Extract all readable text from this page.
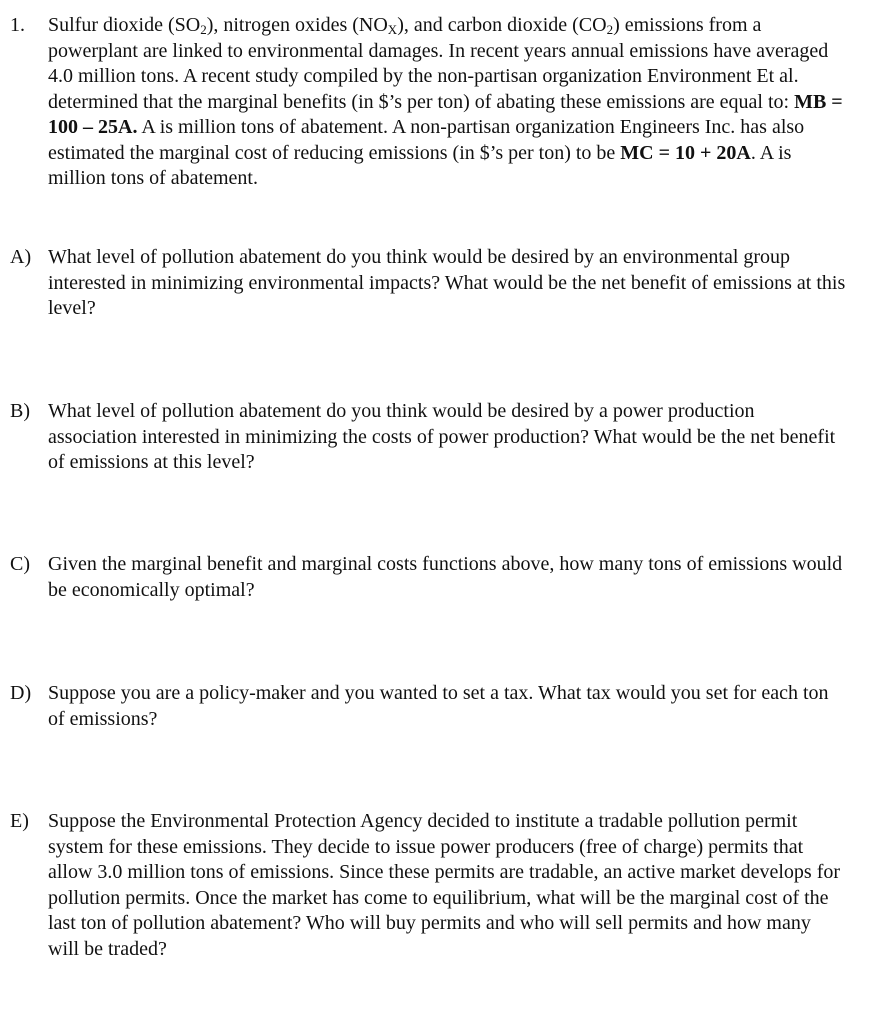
1.	Sulfur dioxide $(SO_2)$, nitrogen oxides $(NO_X)$, and carbon dioxide $(CO_2)$ emissions from a powerplant are linked to environmental damages. In recent years annual emissions have averaged 4.0 million tons. A recent study compiled by the non-partisan organization Environment Et al. determined that the marginal benefits (in $’s per ton) of abating these emissions are equal to: MB = 100 – 25A. A is million tons of abatement. A non-partisan organization Engineers Inc. has also estimated the marginal cost of reducing emissions (in $’s per ton) to be MC = 10 + 20A. A is million tons of abatement.
A) What level of pollution abatement do you think would be desired by an environmental group interested in minimizing environmental impacts? What would be the net benefit of emissions at this level?
B) What level of pollution abatement do you think would be desired by a power production association interested in minimizing the costs of power production? What would be the net benefit of emissions at this level?
C) Given the marginal benefit and marginal costs functions above, how many tons of emissions would be economically optimal?
D) Suppose you are a policy-maker and you wanted to set a tax. What tax would you set for each ton of emissions?
E) Suppose the Environmental Protection Agency decided to institute a tradable pollution permit system for these emissions. They decide to issue power producers (free of charge) permits that allow 3.0 million tons of emissions. Since these permits are tradable, an active market develops for pollution permits. Once the market has come to equilibrium, what will be the marginal cost of the last ton of pollution abatement? Who will buy permits and who will sell permits and how many will be traded?
